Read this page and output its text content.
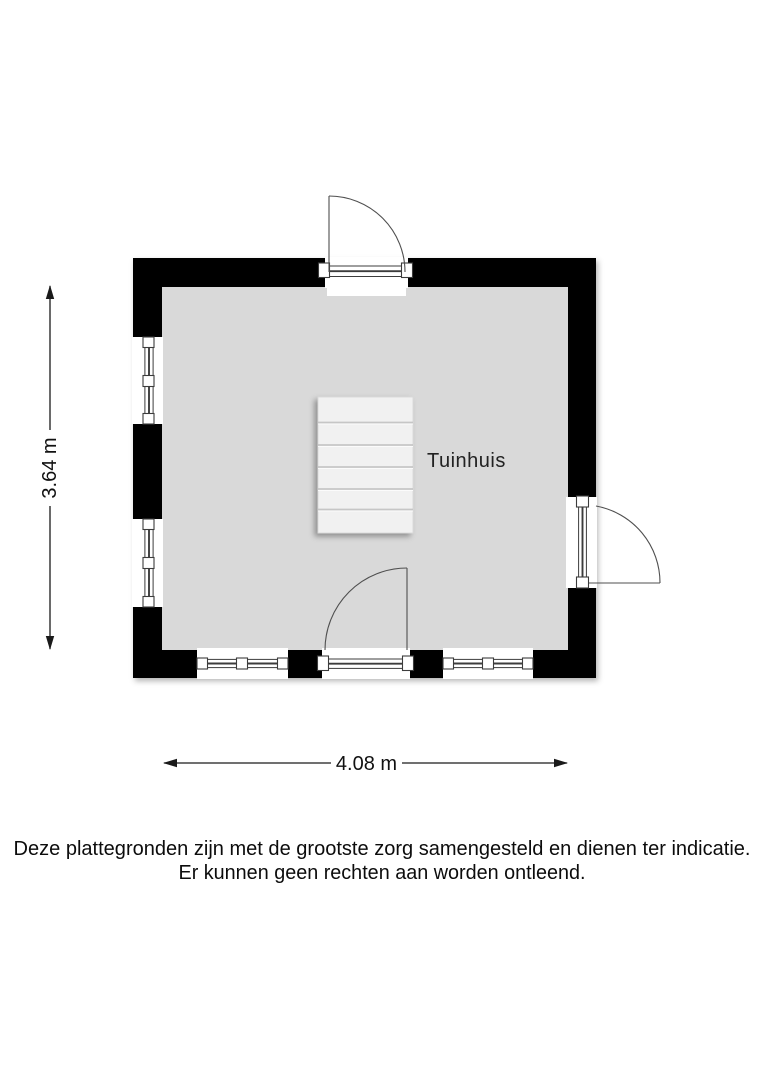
Tuinhuis
3.64 m
4.08 m
Deze plattegronden zijn met de grootste zorg samengesteld en dienen ter indicatie.
Er kunnen geen rechten aan worden ontleend.
